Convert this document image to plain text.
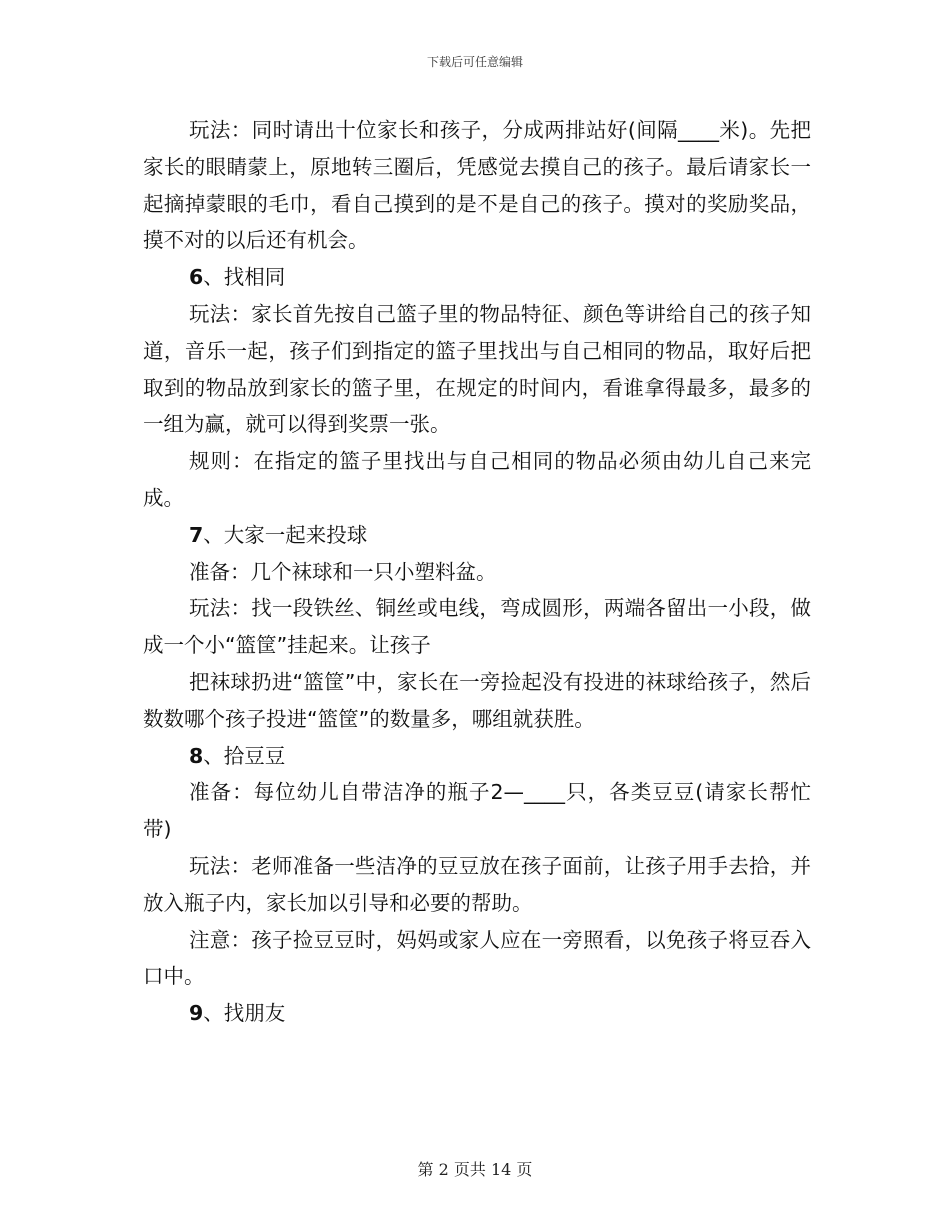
下载后可任意编辑

玩法：同时请出十位家长和孩子，分成两排站好(间隔____米)。先把家长的眼睛蒙上，原地转三圈后，凭感觉去摸自己的孩子。最后请家长一起摘掉蒙眼的毛巾，看自己摸到的是不是自己的孩子。摸对的奖励奖品，摸不对的以后还有机会。

6、找相同

玩法：家长首先按自己篮子里的物品特征、颜色等讲给自己的孩子知道，音乐一起，孩子们到指定的篮子里找出与自己相同的物品，取好后把取到的物品放到家长的篮子里，在规定的时间内，看谁拿得最多，最多的一组为赢，就可以得到奖票一张。

规则：在指定的篮子里找出与自己相同的物品必须由幼儿自己来完成。

7、大家一起来投球

准备：几个袜球和一只小塑料盆。

玩法：找一段铁丝、铜丝或电线，弯成圆形，两端各留出一小段，做成一个小“篮筐”挂起来。让孩子

把袜球扔进“篮筐”中，家长在一旁捡起没有投进的袜球给孩子，然后数数哪个孩子投进“篮筐”的数量多，哪组就获胜。

8、拾豆豆

准备：每位幼儿自带洁净的瓶子2—____只，各类豆豆(请家长帮忙带)

玩法：老师准备一些洁净的豆豆放在孩子面前，让孩子用手去拾，并放入瓶子内，家长加以引导和必要的帮助。

注意：孩子捡豆豆时，妈妈或家人应在一旁照看，以免孩子将豆吞入口中。

9、找朋友

第 2 页共 14 页
